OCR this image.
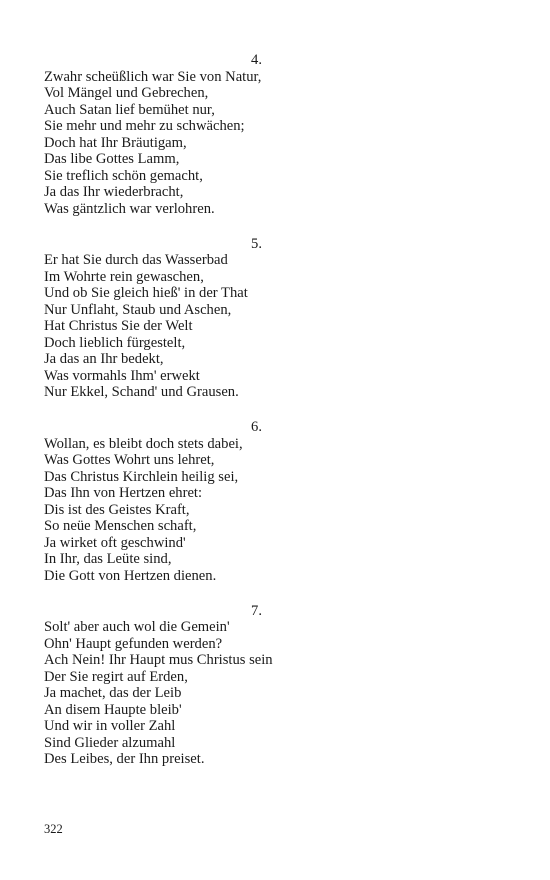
4.
Zwahr scheüßlich war Sie von Natur,
Vol Mängel und Gebrechen,
Auch Satan lief bemühet nur,
Sie mehr und mehr zu schwächen;
Doch hat Ihr Bräutigam,
Das libe Gottes Lamm,
Sie treflich schön gemacht,
Ja das Ihr wiederbracht,
Was gäntzlich war verlohren.
5.
Er hat Sie durch das Wasserbad
Im Wohrte rein gewaschen,
Und ob Sie gleich hieß' in der That
Nur Unflaht, Staub und Aschen,
Hat Christus Sie der Welt
Doch lieblich fürgestelt,
Ja das an Ihr bedekt,
Was vormahls Ihm' erwekt
Nur Ekkel, Schand' und Grausen.
6.
Wollan, es bleibt doch stets dabei,
Was Gottes Wohrt uns lehret,
Das Christus Kirchlein heilig sei,
Das Ihn von Hertzen ehret:
Dis ist des Geistes Kraft,
So neüe Menschen schaft,
Ja wirket oft geschwind'
In Ihr, das Leüte sind,
Die Gott von Hertzen dienen.
7.
Solt' aber auch wol die Gemein'
Ohn' Haupt gefunden werden?
Ach Nein! Ihr Haupt mus Christus sein
Der Sie regirt auf Erden,
Ja machet, das der Leib
An disem Haupte bleib'
Und wir in voller Zahl
Sind Glieder alzumahl
Des Leibes, der Ihn preiset.
322
